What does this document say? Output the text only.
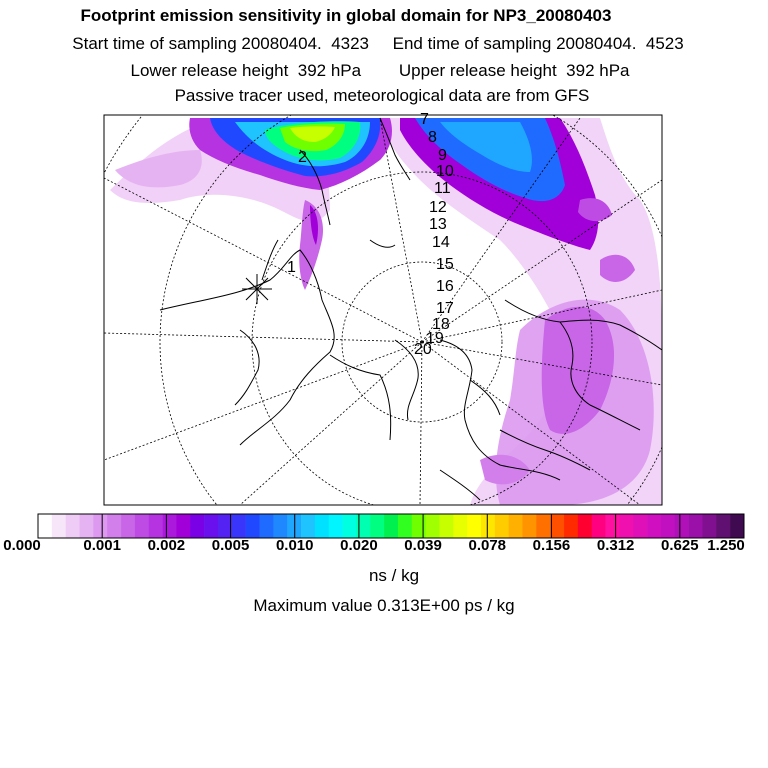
Footprint emission sensitivity in global domain for NP3_20080403
Start time of sampling 20080404.  4323     End time of sampling 20080404.  4523
Lower release height  392 hPa        Upper release height  392 hPa
Passive tracer used, meteorological data are from GFS
1
2
7
8
9
10
11
12
13
14
15
16
17
18
19
20
0.000	0.001 0.002 0.005 0.010 0.020 0.039 0.078 0.156 0.312 0.625 1.250
ns / kg
Maximum value 0.313E+00 ps / kg
